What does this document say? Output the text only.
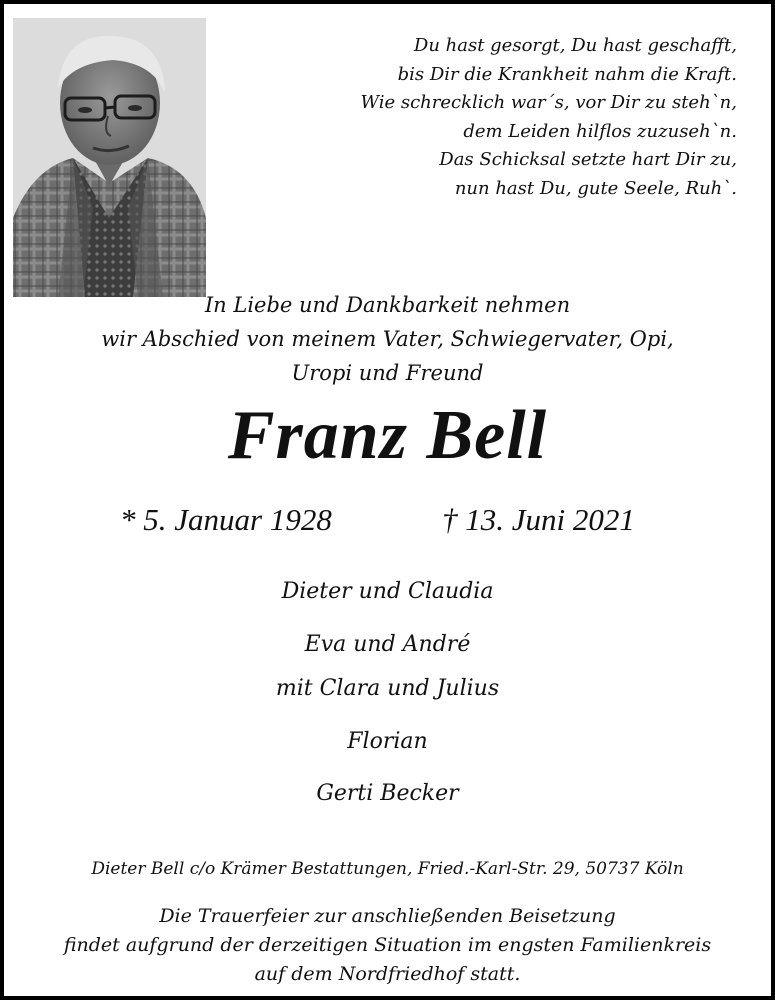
Du hast gesorgt, Du hast geschafft,
bis Dir die Krankheit nahm die Kraft.
Wie schrecklich war´s, vor Dir zu steh`n,
dem Leiden hilflos zuzuseh`n.
Das Schicksal setzte hart Dir zu,
nun hast Du, gute Seele, Ruh`.
In Liebe und Dankbarkeit nehmen
wir Abschied von meinem Vater, Schwiegervater, Opi,
Uropi und Freund
Franz Bell
* 5. Januar 1928	† 13. Juni 2021
Dieter und Claudia
Eva und André
mit Clara und Julius
Florian
Gerti Becker
Dieter Bell c/o Krämer Bestattungen, Fried.-Karl-Str. 29, 50737 Köln
Die Trauerfeier zur anschließenden Beisetzung
findet aufgrund der derzeitigen Situation im engsten Familienkreis
auf dem Nordfriedhof statt.
